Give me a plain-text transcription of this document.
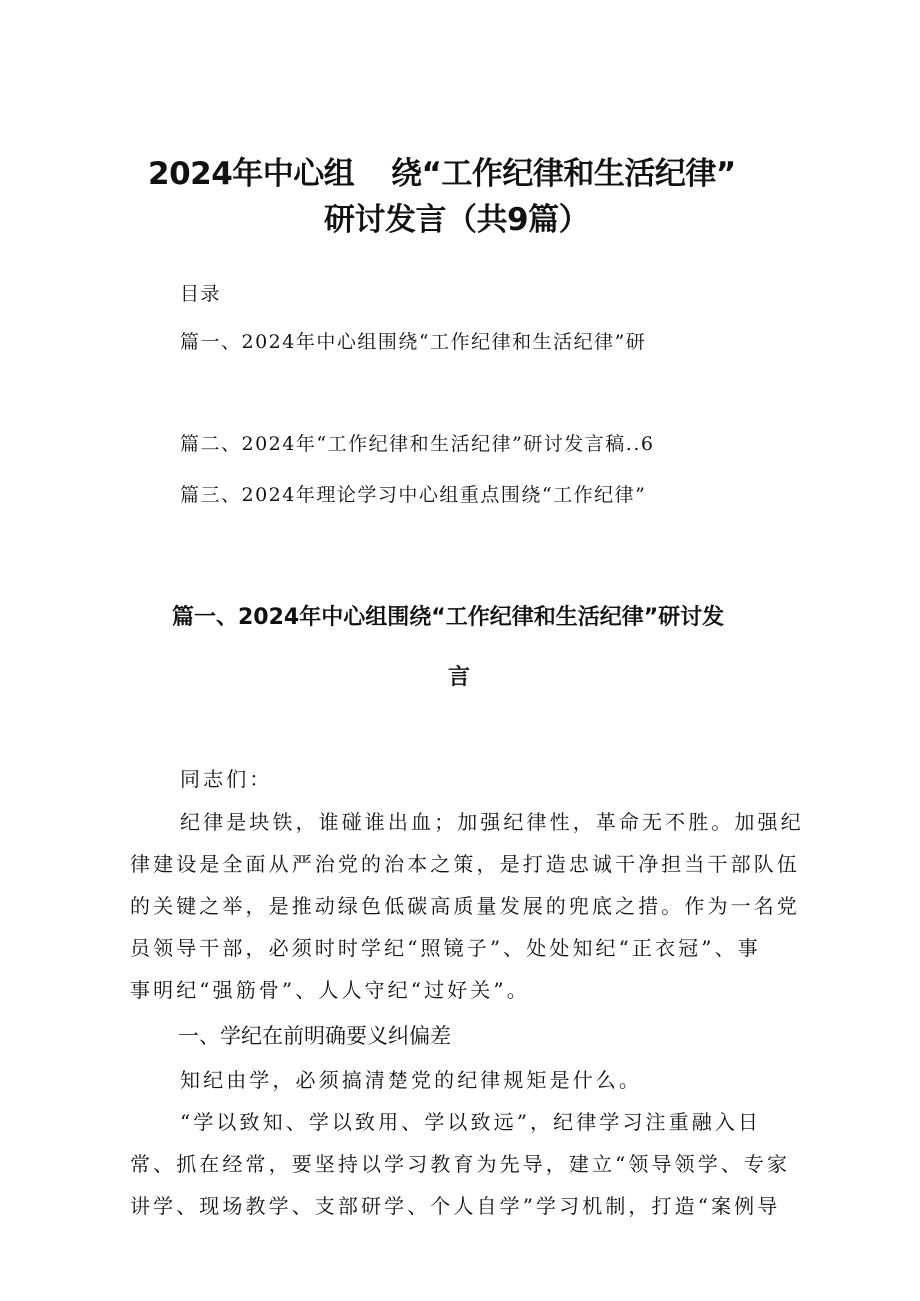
2024年中心组 绕“工作纪律和生活纪律”
研讨发言（共9篇）
目录
篇一、2024年中心组围绕“工作纪律和生活纪律”研
篇二、2024年“工作纪律和生活纪律”研讨发言稿..6
篇三、2024年理论学习中心组重点围绕“工作纪律”
篇一、2024年中心组围绕“工作纪律和生活纪律”研讨发
言
同志们：
纪律是块铁，谁碰谁出血；加强纪律性，革命无不胜。加强纪
律建设是全面从严治党的治本之策，是打造忠诚干净担当干部队伍
的关键之举，是推动绿色低碳高质量发展的兜底之措。作为一名党
员领导干部，必须时时学纪“照镜子”、处处知纪“正衣冠”、事
事明纪“强筋骨”、人人守纪“过好关”。
一、学纪在前明确要义纠偏差
知纪由学，必须搞清楚党的纪律规矩是什么。
“学以致知、学以致用、学以致远”，纪律学习注重融入日
常、抓在经常，要坚持以学习教育为先导，建立“领导领学、专家
讲学、现场教学、支部研学、个人自学”学习机制，打造“案例导
